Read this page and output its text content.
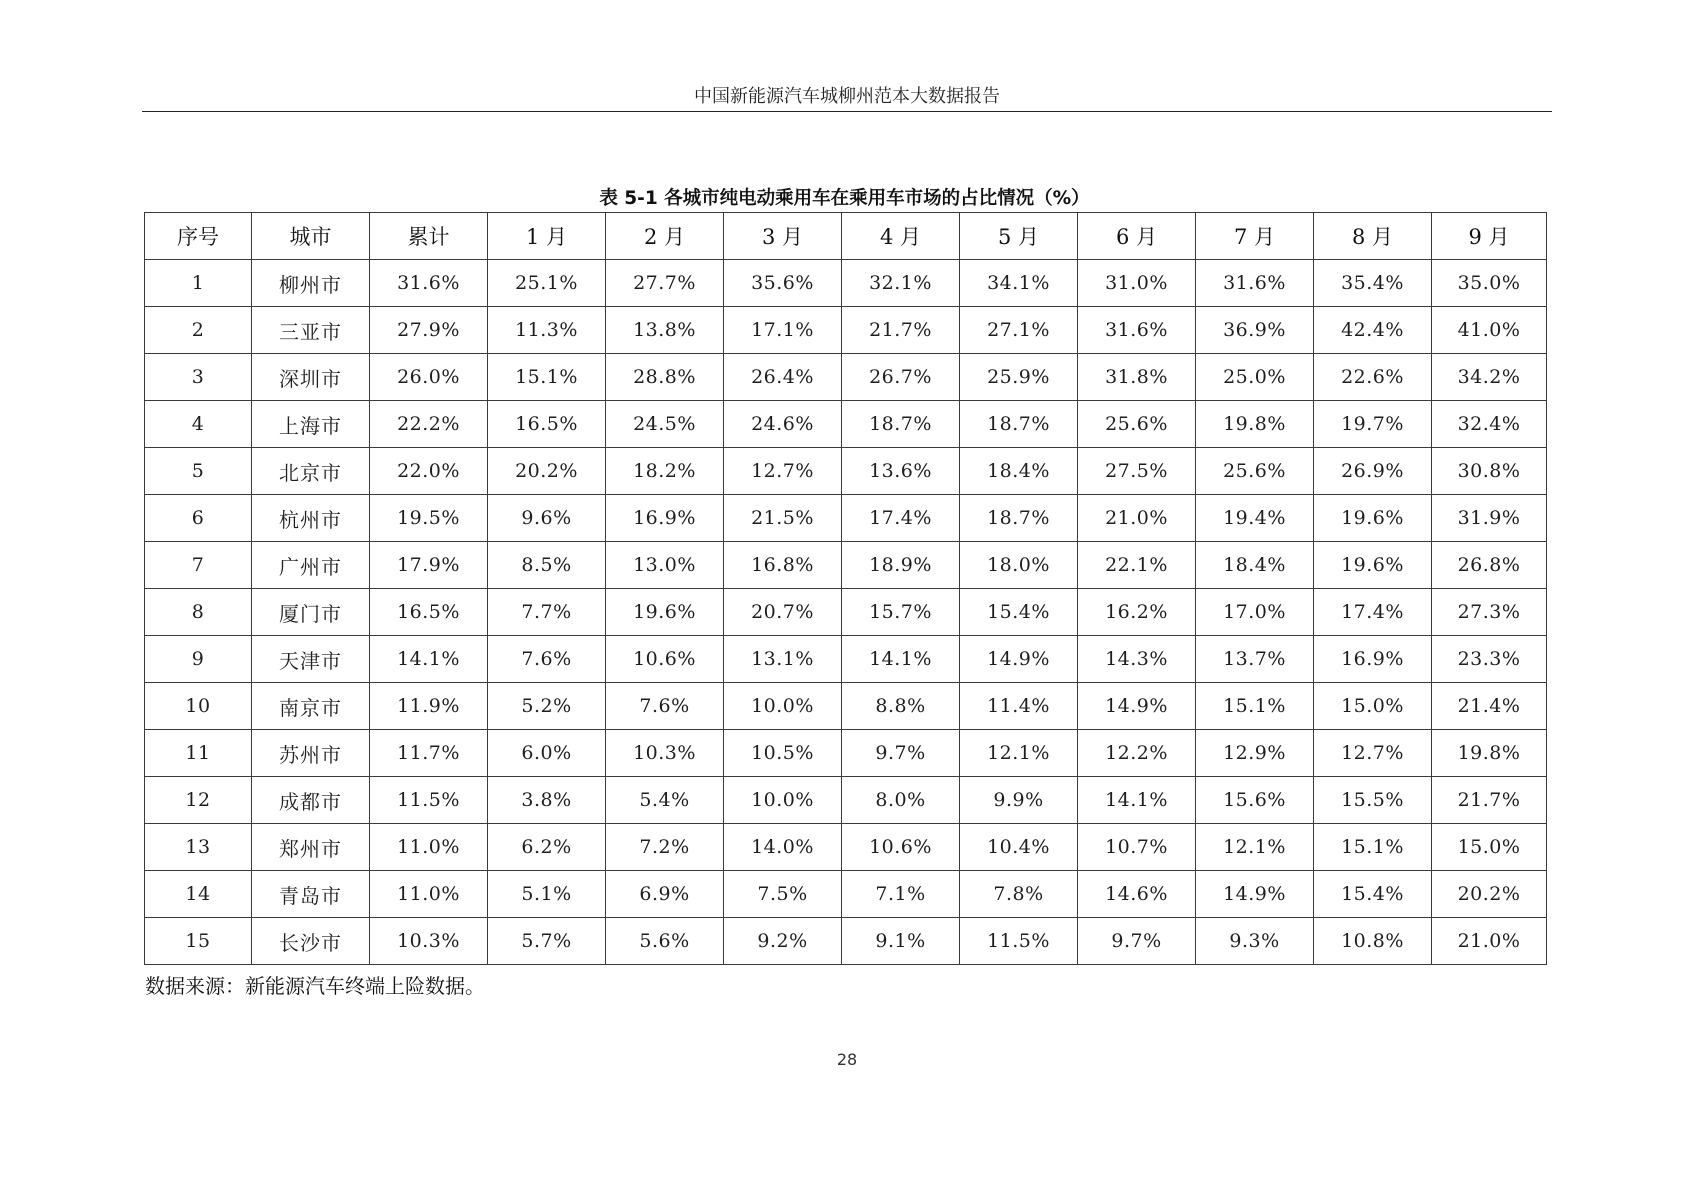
中国新能源汽车城柳州范本大数据报告
表 5-1 各城市纯电动乘用车在乘用车市场的占比情况（%）
序号	城市	累计	1 月	2 月	3 月	4 月	5 月	6 月	7 月	8 月	9 月
1	柳州市	31.6%	25.1%	27.7%	35.6%	32.1%	34.1%	31.0%	31.6%	35.4%	35.0%
2	三亚市	27.9%	11.3%	13.8%	17.1%	21.7%	27.1%	31.6%	36.9%	42.4%	41.0%
3	深圳市	26.0%	15.1%	28.8%	26.4%	26.7%	25.9%	31.8%	25.0%	22.6%	34.2%
4	上海市	22.2%	16.5%	24.5%	24.6%	18.7%	18.7%	25.6%	19.8%	19.7%	32.4%
5	北京市	22.0%	20.2%	18.2%	12.7%	13.6%	18.4%	27.5%	25.6%	26.9%	30.8%
6	杭州市	19.5%	9.6%	16.9%	21.5%	17.4%	18.7%	21.0%	19.4%	19.6%	31.9%
7	广州市	17.9%	8.5%	13.0%	16.8%	18.9%	18.0%	22.1%	18.4%	19.6%	26.8%
8	厦门市	16.5%	7.7%	19.6%	20.7%	15.7%	15.4%	16.2%	17.0%	17.4%	27.3%
9	天津市	14.1%	7.6%	10.6%	13.1%	14.1%	14.9%	14.3%	13.7%	16.9%	23.3%
10	南京市	11.9%	5.2%	7.6%	10.0%	8.8%	11.4%	14.9%	15.1%	15.0%	21.4%
11	苏州市	11.7%	6.0%	10.3%	10.5%	9.7%	12.1%	12.2%	12.9%	12.7%	19.8%
12	成都市	11.5%	3.8%	5.4%	10.0%	8.0%	9.9%	14.1%	15.6%	15.5%	21.7%
13	郑州市	11.0%	6.2%	7.2%	14.0%	10.6%	10.4%	10.7%	12.1%	15.1%	15.0%
14	青岛市	11.0%	5.1%	6.9%	7.5%	7.1%	7.8%	14.6%	14.9%	15.4%	20.2%
15	长沙市	10.3%	5.7%	5.6%	9.2%	9.1%	11.5%	9.7%	9.3%	10.8%	21.0%
数据来源：新能源汽车终端上险数据。
28
